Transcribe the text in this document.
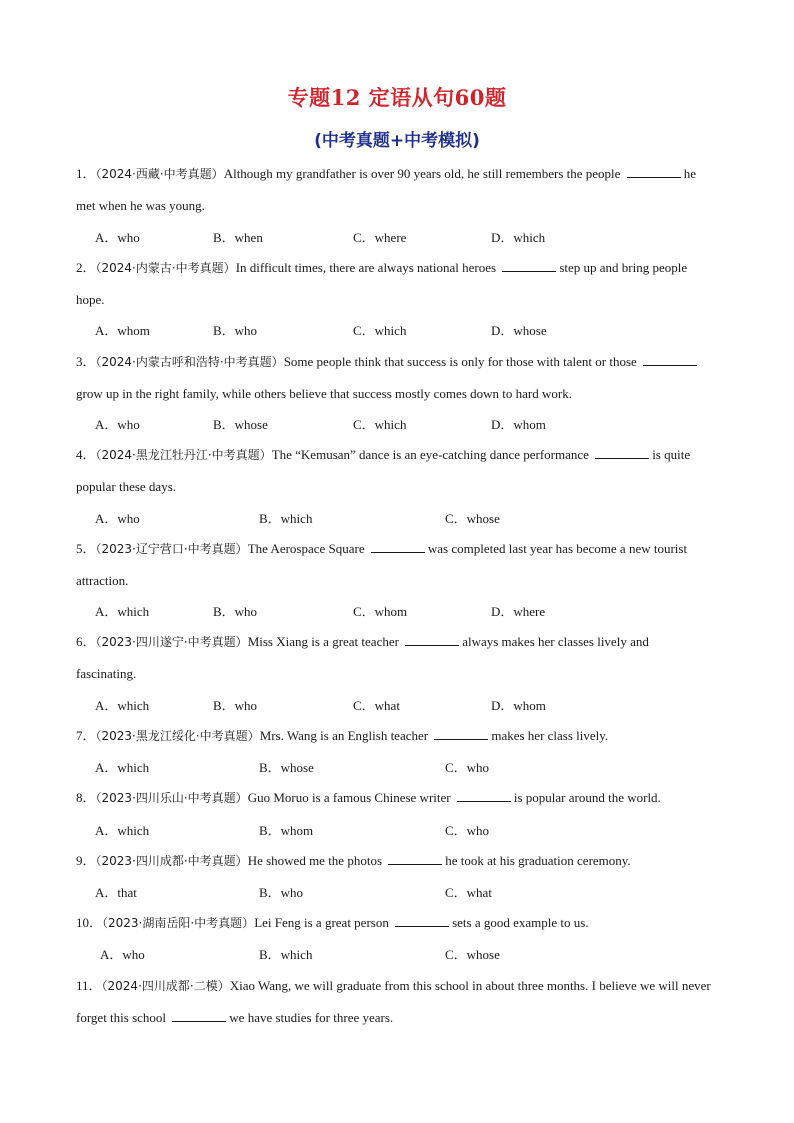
专题12 定语从句60题
(中考真题+中考模拟)
1．（2024·西藏·中考真题）Although my grandfather is over 90 years old, he still remembers the people	he met when he was young.
A．who	B．when	C．where	D．which
2．（2024·内蒙古·中考真题）In difficult times, there are always national heroes	step up and bring people hope.
A．whom	B．who	C．which	D．whose
3．（2024·内蒙古呼和浩特·中考真题）Some people think that success is only for those with talent or those grow up in the right family, while others believe that success mostly comes down to hard work.
A．who	B．whose	C．which	D．whom
4．（2024·黑龙江牡丹江·中考真题）The “Kemusan” dance is an eye-catching dance performance	is quite popular these days.
A．who	B．which	C．whose
5．（2023·辽宁营口·中考真题）The Aerospace Square	was completed last year has become a new tourist attraction.
A．which	B．who	C．whom	D．where
6．（2023·四川遂宁·中考真题）Miss Xiang is a great teacher	always makes her classes lively and fascinating.
A．which	B．who	C．what	D．whom
7．（2023·黑龙江绥化·中考真题）Mrs. Wang is an English teacher	makes her class lively.
A．which	B．whose	C．who
8．（2023·四川乐山·中考真题）Guo Moruo is a famous Chinese writer	is popular around the world.
A．which	B．whom	C．who
9．（2023·四川成都·中考真题）He showed me the photos	he took at his graduation ceremony.
A．that	B．who	C．what
10．（2023·湖南岳阳·中考真题）Lei Feng is a great person	sets a good example to us.
A．who	B．which	C．whose
11．（2024·四川成都·二模）Xiao Wang, we will graduate from this school in about three months. I believe we will never forget this school	we have studies for three years.
